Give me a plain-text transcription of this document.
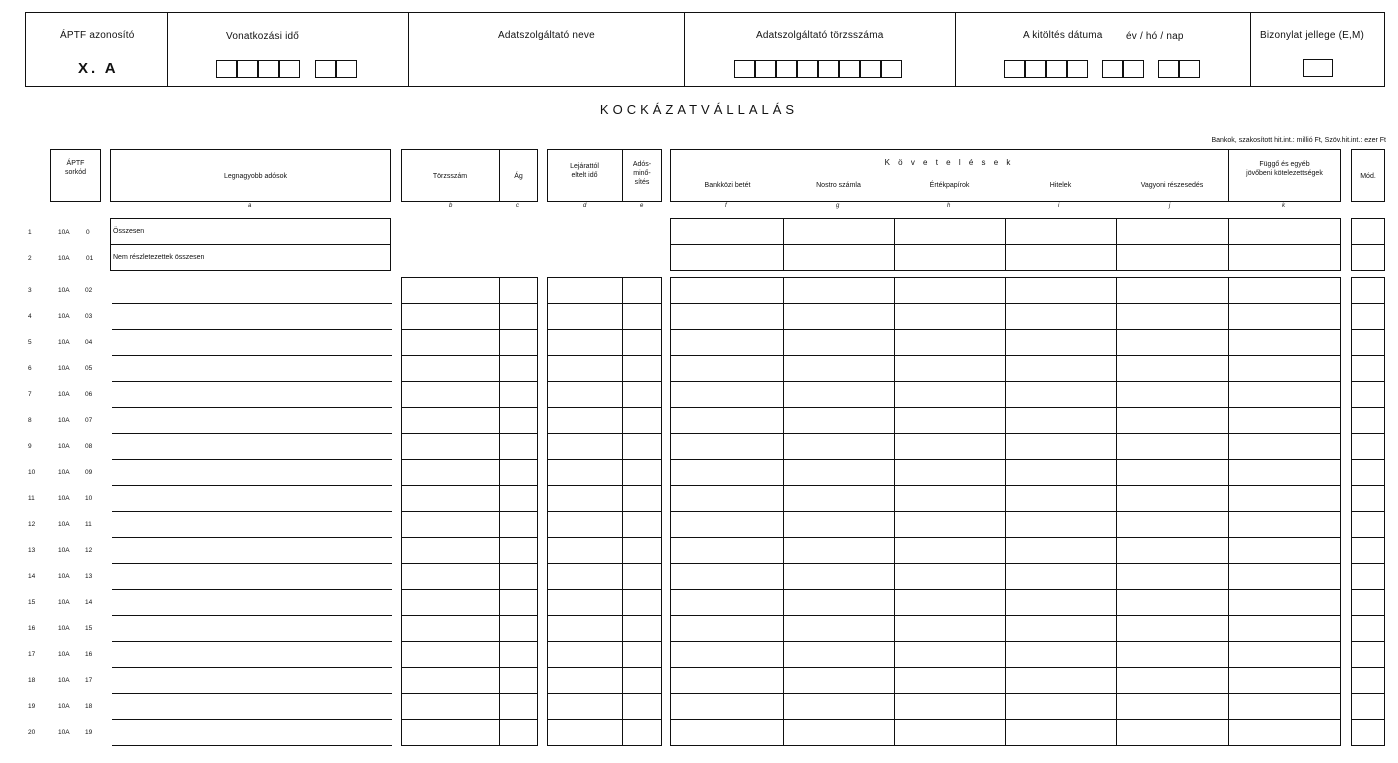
ÁPTF azonosító
X. A
Vonatkozási idő	Adatszolgáltató neve	Adatszolgáltató törzsszáma	A kitöltés dátuma év / hó / nap	Bizonylat jellege (E,M)
KOCKÁZATVÁLLALÁS
Bankok, szakosított hit.int.: millió Ft, Szöv.hit.int.: ezer Ft
ÁPTF
sorkód
Legnagyobb adósok	Törzsszám	Ág
Lejárattól
eltelt idő
Adós-
minő-
sítés
K ö v e t e l é s e k
Bankközi betét	Nostro számla	Értékpapírok	Hitelek	Vagyoni részesedés
Függő és egyéb
jövőbeni kötelezettségek	Mód.
a	b	c	d	e	f	g	h	i	j	k
1	10A	0	Összesen
2	10A	01	Nem részletezettek összesen
3	10A 02
4	10A 03
5	10A 04
6	10A 05
7	10A 06
8	10A 07
9	10A 08
10	10A 09
11	10A 10
12	10A 11
13	10A 12
14	10A 13
15	10A 14
16	10A 15
17	10A 16
18	10A 17
19	10A 18
20	10A 19
